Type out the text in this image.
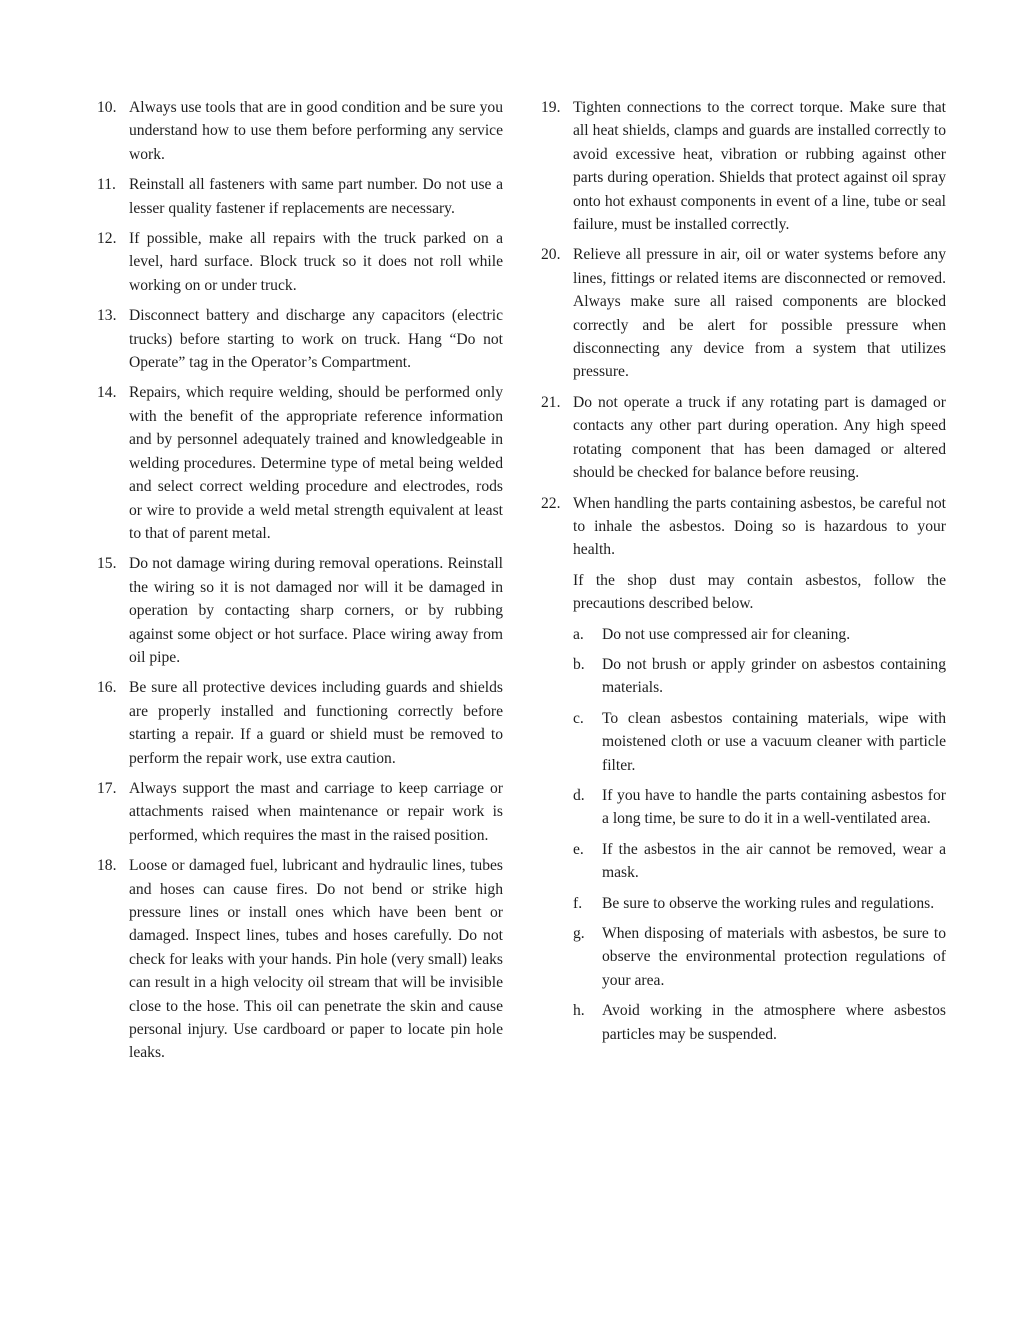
10. Always use tools that are in good condition and be sure you understand how to use them before performing any service work.
11. Reinstall all fasteners with same part number. Do not use a lesser quality fastener if replacements are necessary.
12. If possible, make all repairs with the truck parked on a level, hard surface. Block truck so it does not roll while working on or under truck.
13. Disconnect battery and discharge any capacitors (electric trucks) before starting to work on truck. Hang “Do not Operate” tag in the Operator’s Compartment.
14. Repairs, which require welding, should be performed only with the benefit of the appropriate reference information and by personnel adequately trained and knowledgeable in welding procedures. Determine type of metal being welded and select correct welding procedure and electrodes, rods or wire to provide a weld metal strength equivalent at least to that of parent metal.
15. Do not damage wiring during removal operations. Reinstall the wiring so it is not damaged nor will it be damaged in operation by contacting sharp corners, or by rubbing against some object or hot surface. Place wiring away from oil pipe.
16. Be sure all protective devices including guards and shields are properly installed and functioning correctly before starting a repair. If a guard or shield must be removed to perform the repair work, use extra caution.
17. Always support the mast and carriage to keep carriage or attachments raised when maintenance or repair work is performed, which requires the mast in the raised position.
18. Loose or damaged fuel, lubricant and hydraulic lines, tubes and hoses can cause fires. Do not bend or strike high pressure lines or install ones which have been bent or damaged. Inspect lines, tubes and hoses carefully. Do not check for leaks with your hands. Pin hole (very small) leaks can result in a high velocity oil stream that will be invisible close to the hose. This oil can penetrate the skin and cause personal injury. Use cardboard or paper to locate pin hole leaks.
19. Tighten connections to the correct torque. Make sure that all heat shields, clamps and guards are installed correctly to avoid excessive heat, vibration or rubbing against other parts during operation. Shields that protect against oil spray onto hot exhaust components in event of a line, tube or seal failure, must be installed correctly.
20. Relieve all pressure in air, oil or water systems before any lines, fittings or related items are disconnected or removed. Always make sure all raised components are blocked correctly and be alert for possible pressure when disconnecting any device from a system that utilizes pressure.
21. Do not operate a truck if any rotating part is damaged or contacts any other part during operation. Any high speed rotating component that has been damaged or altered should be checked for balance before reusing.
22. When handling the parts containing asbestos, be careful not to inhale the asbestos. Doing so is hazardous to your health.
If the shop dust may contain asbestos, follow the precautions described below.
a. Do not use compressed air for cleaning.
b. Do not brush or apply grinder on asbestos containing materials.
c. To clean asbestos containing materials, wipe with moistened cloth or use a vacuum cleaner with particle filter.
d. If you have to handle the parts containing asbestos for a long time, be sure to do it in a well-ventilated area.
e. If the asbestos in the air cannot be removed, wear a mask.
f. Be sure to observe the working rules and regulations.
g. When disposing of materials with asbestos, be sure to observe the environmental protection regulations of your area.
h. Avoid working in the atmosphere where asbestos particles may be suspended.
